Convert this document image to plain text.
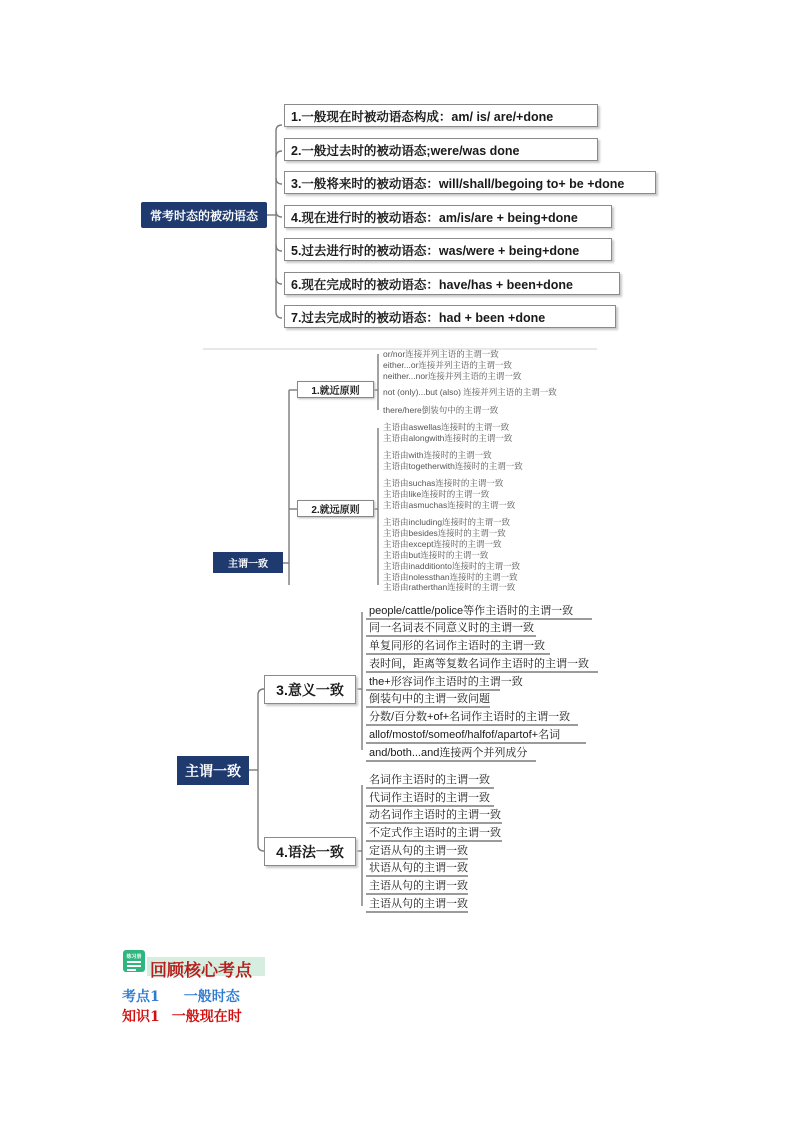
常考时态的被动语态
1.一般现在时被动语态构成：am/ is/ are/+done
2.一般过去时的被动语态;were/was done
3.一般将来时的被动语态：will/shall/begoing to+ be +done
4.现在进行时的被动语态：am/is/are + being+done
5.过去进行时的被动语态：was/were + being+done
6.现在完成时的被动语态：have/has + been+done
7.过去完成时的被动语态：had + been +done
主谓一致
1.就近原则
2.就远原则
or/nor连接并列主语的主谓一致
either...or连接并列主语的主谓一致
neither...nor连接并列主语的主谓一致
not (only)...but (also) 连接并列主语的主谓一致
there/here倒装句中的主谓一致
主语由aswellas连接时的主谓一致
主语由alongwith连接时的主谓一致
主语由with连接时的主谓一致
主语由togetherwith连接时的主谓一致
主语由suchas连接时的主谓一致
主语由like连接时的主谓一致
主语由asmuchas连接时的主谓一致
主语由including连接时的主谓一致
主语由besides连接时的主谓一致
主语由except连接时的主谓一致
主语由but连接时的主谓一致
主语由inadditionto连接时的主谓一致
主语由nolessthan连接时的主谓一致
主语由ratherthan连接时的主谓一致
主谓一致
3.意义一致
4.语法一致
people/cattle/police等作主语时的主谓一致
同一名词表不同意义时的主谓一致
单复同形的名词作主语时的主谓一致
表时间，距离等复数名词作主语时的主谓一致
the+形容词作主语时的主谓一致
倒装句中的主谓一致问题
分数/百分数+of+名词作主语时的主谓一致
allof/mostof/someof/halfof/apartof+名词
and/both...and连接两个并列成分
名词作主语时的主谓一致
代词作主语时的主谓一致
动名词作主语时的主谓一致
不定式作主语时的主谓一致
定语从句的主谓一致
状语从句的主谓一致
主语从句的主谓一致
主语从句的主谓一致
练习册
回顾核心考点
考点1 一般时态
知识1 一般现在时
